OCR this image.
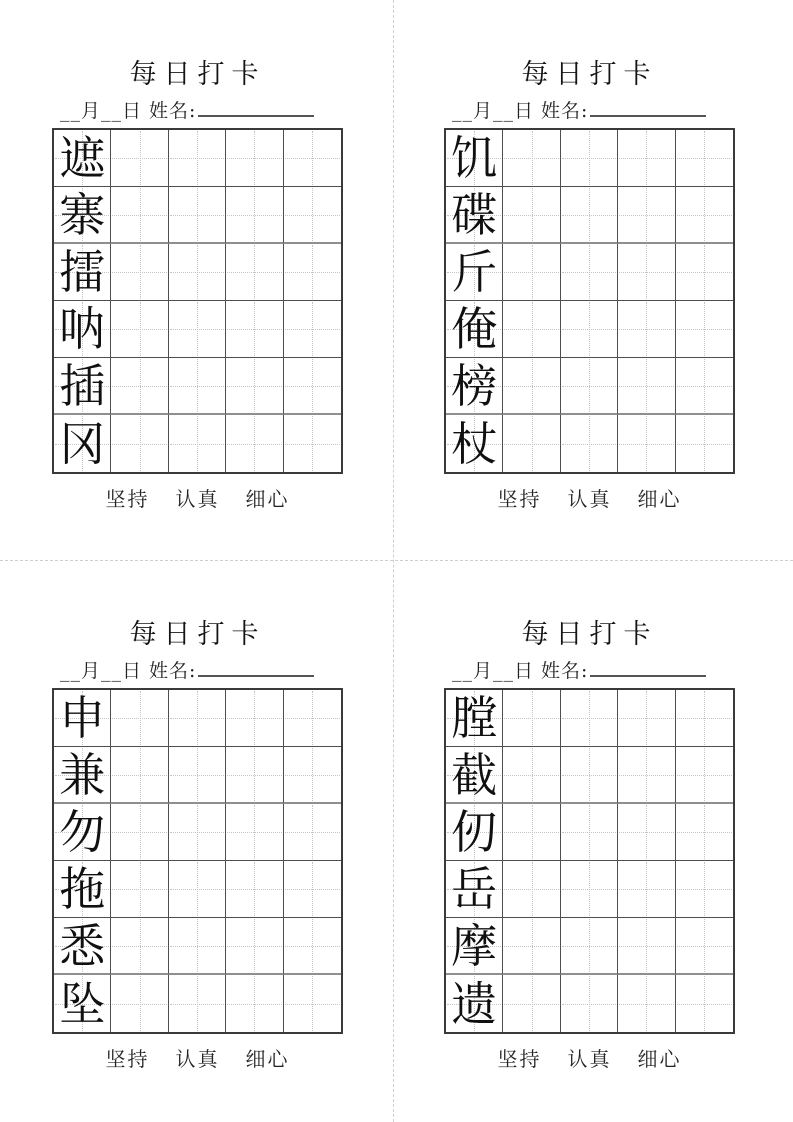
每日打卡
__月__日 姓名:
遮
寨
擂
呐
插
冈
坚持 认真 细心
每日打卡
__月__日 姓名:
饥
碟
斤
俺
榜
杖
坚持 认真 细心
每日打卡
__月__日 姓名:
申
兼
勿
拖
悉
坠
坚持 认真 细心
每日打卡
__月__日 姓名:
膛
截
仞
岳
摩
遗
坚持 认真 细心
